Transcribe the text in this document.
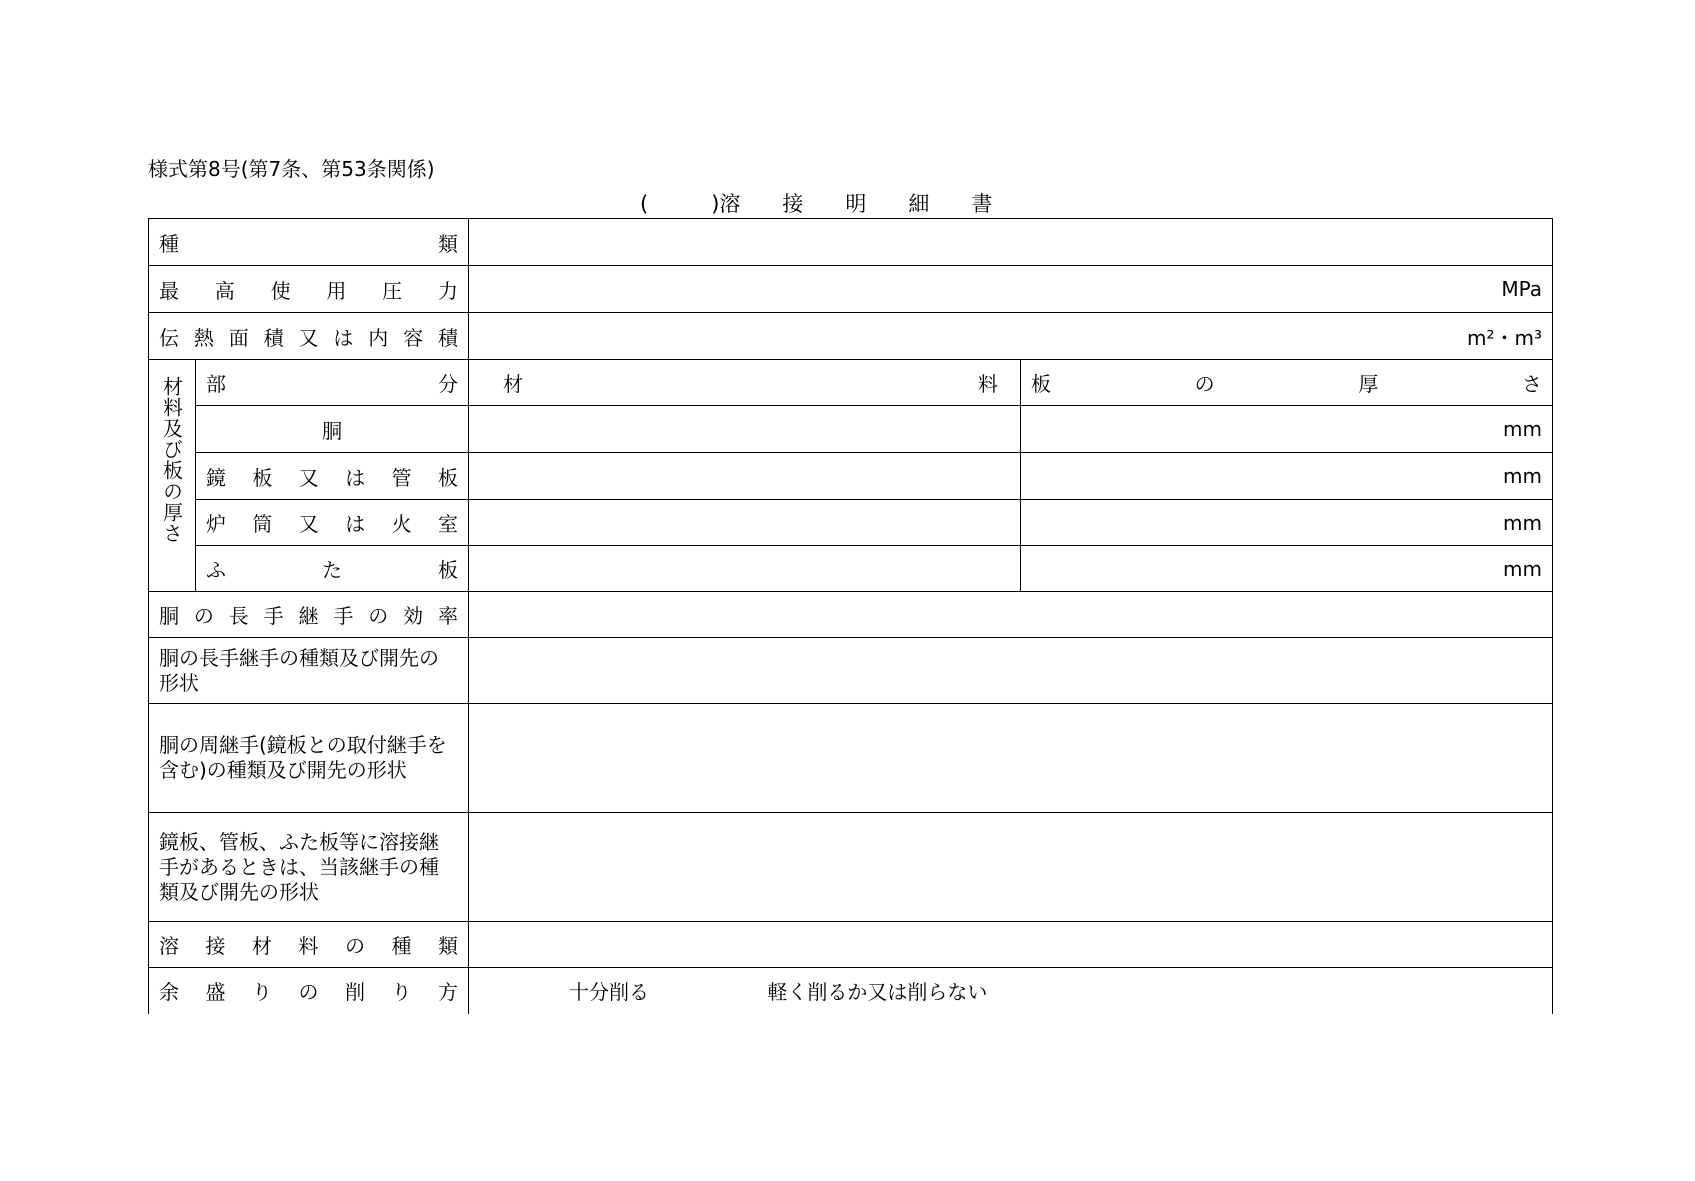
様式第8号(第7条、第53条関係)
(　　　)溶　　接　　明　　細　　書
種類			
最高使用圧力		MPa	
伝熱面積又は内容積		m²・m³	

材料及び板の厚さ	部分	材料	板の厚さ
	胴		mm
	鏡板又は管板		mm
	炉筒又は火室		mm
	ふた板		mm
胴の長手継手の効率			
胴の長手継手の種類及び開先の形状			
胴の周継手(鏡板との取付継手を含む)の種類及び開先の形状			
鏡板、管板、ふた板等に溶接継手があるときは、当該継手の種類及び開先の形状			
溶接材料の種類			
余盛りの削り方		十分削る 軽く削るか又は削らない	
